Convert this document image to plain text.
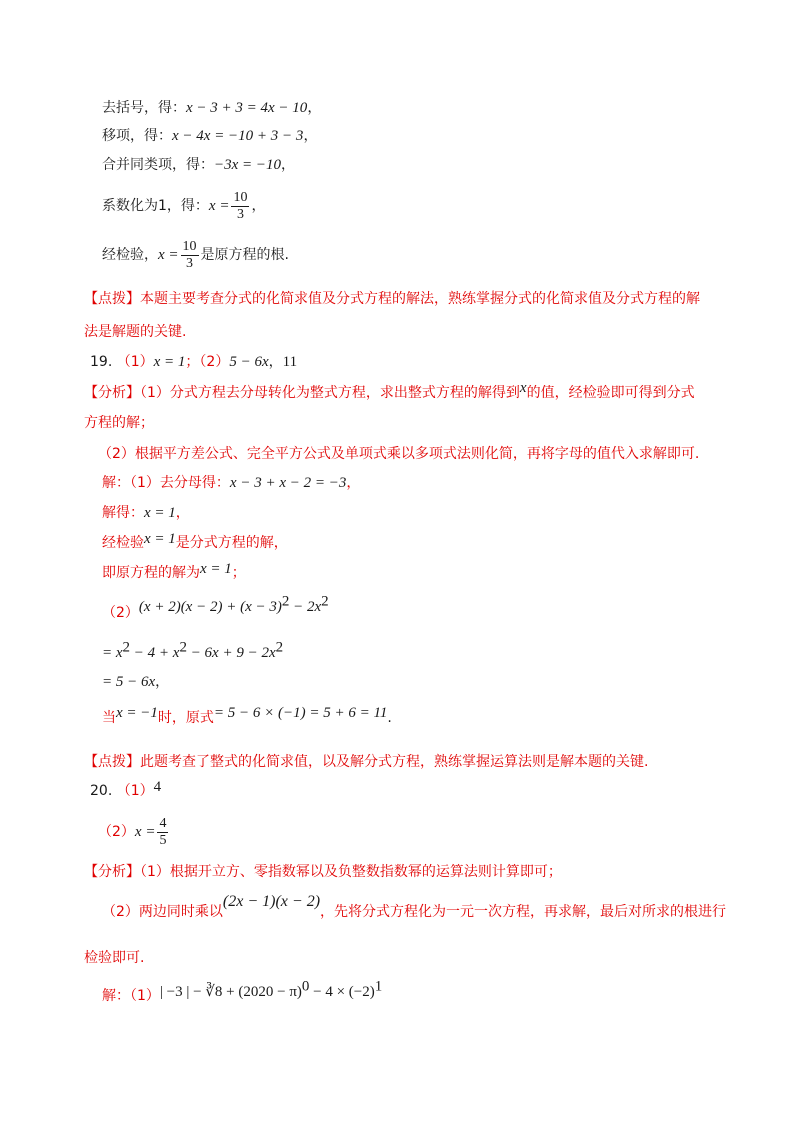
去括号，得：x − 3 + 3 = 4x − 10，
移项，得：x − 4x = −10 + 3 − 3，
合并同类项，得：−3x = −10，
系数化为1，得：$x = \frac{10}{3}$ ，
经检验，$x = \frac{10}{3}$ 是原方程的根.
【点拨】本题主要考查分式的化简求值及分式方程的解法，熟练掌握分式的化简求值及分式方程的解
法是解题的关键.
19. （1）x = 1；（2）5 − 6x，11
【分析】（1）分式方程去分母转化为整式方程，求出整式方程的解得到x的值，经检验即可得到分式
方程的解；
（2）根据平方差公式、完全平方公式及单项式乘以多项式法则化简，再将字母的值代入求解即可.
解：（1）去分母得：x − 3 + x − 2 = −3，
解得：x = 1，
经检验x = 1是分式方程的解，
即原方程的解为x = 1；
$(2)(x + 2)(x - 2) + (x - 3)^2 - 2x^2$
= $x^2 - 4 + x^2 - 6x + 9 - 2x^2$
= 5 − 6x，
当x = −1时，原式= 5 − 6 × (−1) = 5 + 6 = 11.
【点拨】此题考查了整式的化简求值，以及解分式方程，熟练掌握运算法则是解本题的关键.
20. （1）4
$(2)x = \frac{4}{5}$
【分析】（1）根据开立方、零指数幂以及负整数指数幂的运算法则计算即可；
（2）两边同时乘以(2x − 1)(x − 2)，先将分式方程化为一元一次方程，再求解，最后对所求的根进行
检验即可.
解：（1）| −3 | − ∛8 + $(2020 - \pi)^0 - 4 \times (-2)^1$
